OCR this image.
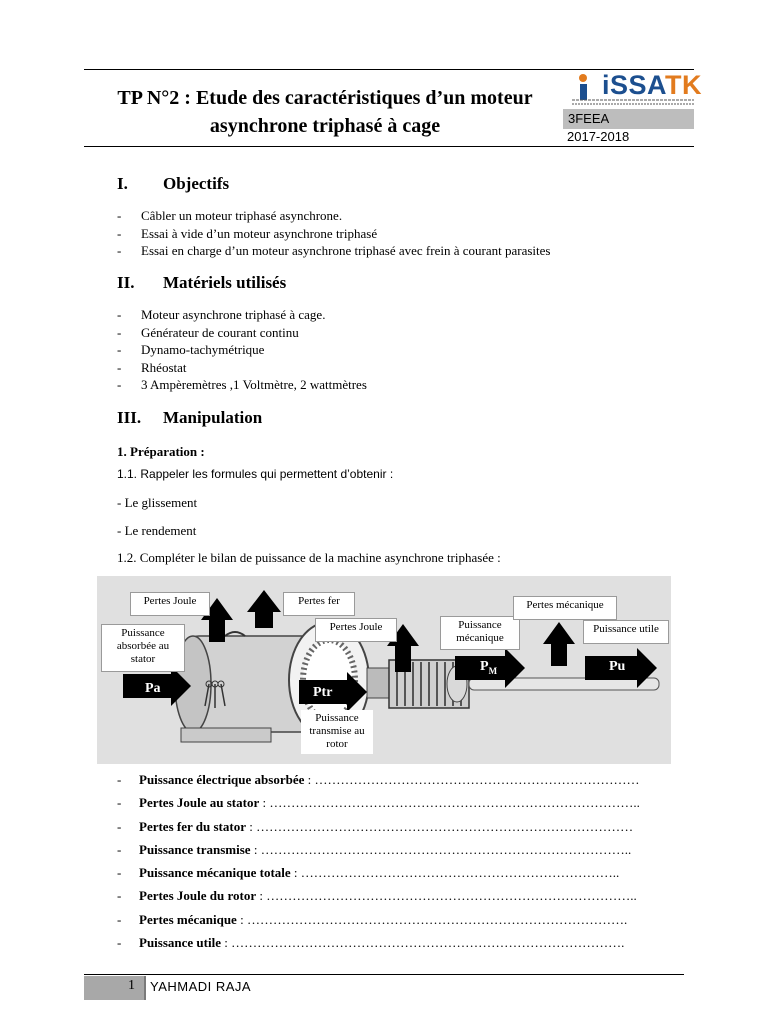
TP N°2 : Etude des caractéristiques d’un moteur
asynchrone triphasé à cage
iSSATK
3FEEA
2017-2018
I. Objectifs
- Câbler un moteur triphasé asynchrone.
- Essai à vide d’un moteur asynchrone triphasé
- Essai en charge d’un moteur asynchrone triphasé avec frein à courant parasites
II. Matériels utilisés
- Moteur asynchrone triphasé à cage.
- Générateur de courant continu
- Dynamo-tachymétrique
- Rhéostat
- 3 Ampèremètres ,1 Voltmètre, 2 wattmètres
III. Manipulation
1. Préparation :
1.1. Rappeler les formules qui permettent d’obtenir :
- Le glissement
- Le rendement
1.2. Compléter le bilan de puissance de la machine asynchrone triphasée :
Pertes Joule	Pertes fer
Puissance absorbée au stator
Pa
Pertes Joule
Ptr
Puissance transmise au rotor
Puissance mécanique
$P_M$
Pertes mécanique
Puissance utile
Pu
- Puissance électrique absorbée : …………………………………………………………………
- Pertes Joule au stator : …………………………………………………………………………..
- Pertes fer du stator : ……………………………………………………………………………
- Puissance transmise : …………………………………………………………………………..
- Puissance mécanique totale : ………………………………………………………………..
- Pertes Joule du rotor : …………………………………………………………………………..
- Pertes mécanique : …………………………………………………………………………….
- Puissance utile : ……………………………………………………………………………….
1 YAHMADI RAJA
